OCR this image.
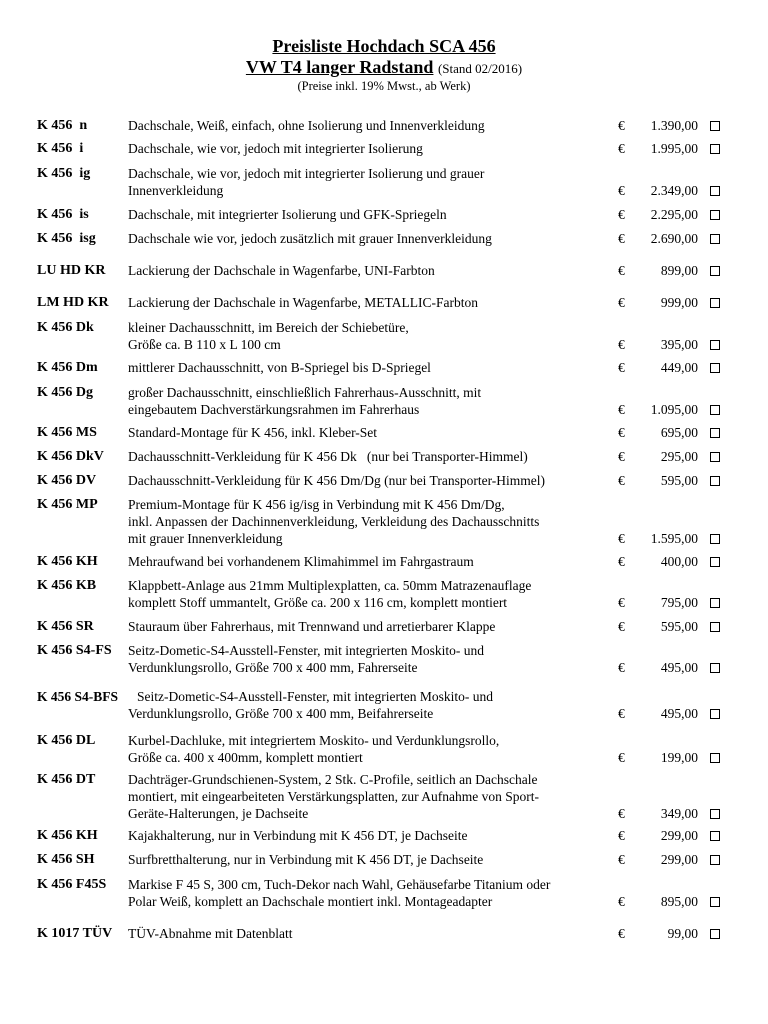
Preisliste Hochdach SCA 456
VW T4 langer Radstand (Stand 02/2016)
(Preise inkl. 19% Mwst., ab Werk)
K 456  n	Dachschale, Weiß, einfach, ohne Isolierung und Innenverkleidung	€ 1.390,00
K 456  i	Dachschale, wie vor, jedoch mit integrierter Isolierung	€ 1.995,00
K 456  ig	Dachschale, wie vor, jedoch mit integrierter Isolierung und grauer
Innenverkleidung	€ 2.349,00
K 456  is	Dachschale, mit integrierter Isolierung und GFK-Spriegeln	€ 2.295,00
K 456  isg Dachschale wie vor, jedoch zusätzlich mit grauer Innenverkleidung	€ 2.690,00
LU HD KR Lackierung der Dachschale in Wagenfarbe, UNI-Farbton	€	899,00
LM HD KR Lackierung der Dachschale in Wagenfarbe, METALLIC-Farbton	€	999,00
K 456 Dk	kleiner Dachausschnitt, im Bereich der Schiebetüre,
Größe ca. B 110 x L 100 cm	€	395,00
K 456 Dm mittlerer Dachausschnitt, von B-Spriegel bis D-Spriegel	€	449,00
K 456 Dg	großer Dachausschnitt, einschließlich Fahrerhaus-Ausschnitt, mit
eingebautem Dachverstärkungsrahmen im Fahrerhaus	€ 1.095,00
K 456 MS Standard-Montage für K 456, inkl. Kleber-Set	€	695,00
K 456 DkV Dachausschnitt-Verkleidung für K 456 Dk   (nur bei Transporter-Himmel)	€	295,00
K 456 DV Dachausschnitt-Verkleidung für K 456 Dm/Dg (nur bei Transporter-Himmel)	€	595,00
K 456 MP Premium-Montage für K 456 ig/isg in Verbindung mit K 456 Dm/Dg,
inkl. Anpassen der Dachinnenverkleidung, Verkleidung des Dachausschnitts
mit grauer Innenverkleidung	€ 1.595,00
K 456 KH Mehraufwand bei vorhandenem Klimahimmel im Fahrgastraum	€	400,00
K 456 KB Klappbett-Anlage aus 21mm Multiplexplatten, ca. 50mm Matrazenauflage
komplett Stoff ummantelt, Größe ca. 200 x 116 cm, komplett montiert	€	795,00
K 456 SR	Stauraum über Fahrerhaus, mit Trennwand und arretierbarer Klappe	€	595,00
K 456 S4-FS Seitz-Dometic-S4-Ausstell-Fenster, mit integrierten Moskito- und
Verdunklungsrollo, Größe 700 x 400 mm, Fahrerseite	€	495,00
K 456 S4-BFS Seitz-Dometic-S4-Ausstell-Fenster, mit integrierten Moskito- und
Verdunklungsrollo, Größe 700 x 400 mm, Beifahrerseite	€	495,00
K 456 DL Kurbel-Dachluke, mit integriertem Moskito- und Verdunklungsrollo,
Größe ca. 400 x 400mm, komplett montiert	€	199,00
K 456 DT Dachträger-Grundschienen-System, 2 Stk. C-Profile, seitlich an Dachschale
montiert, mit eingearbeiteten Verstärkungsplatten, zur Aufnahme von Sport-
Geräte-Halterungen, je Dachseite	€	349,00
K 456 KH Kajakhalterung, nur in Verbindung mit K 456 DT, je Dachseite	€	299,00
K 456 SH Surfbretthalterung, nur in Verbindung mit K 456 DT, je Dachseite	€	299,00
K 456 F45S Markise F 45 S, 300 cm, Tuch-Dekor nach Wahl, Gehäusefarbe Titanium oder
Polar Weiß, komplett an Dachschale montiert inkl. Montageadapter	€	895,00
K 1017 TÜV TÜV-Abnahme mit Datenblatt	€	99,00
